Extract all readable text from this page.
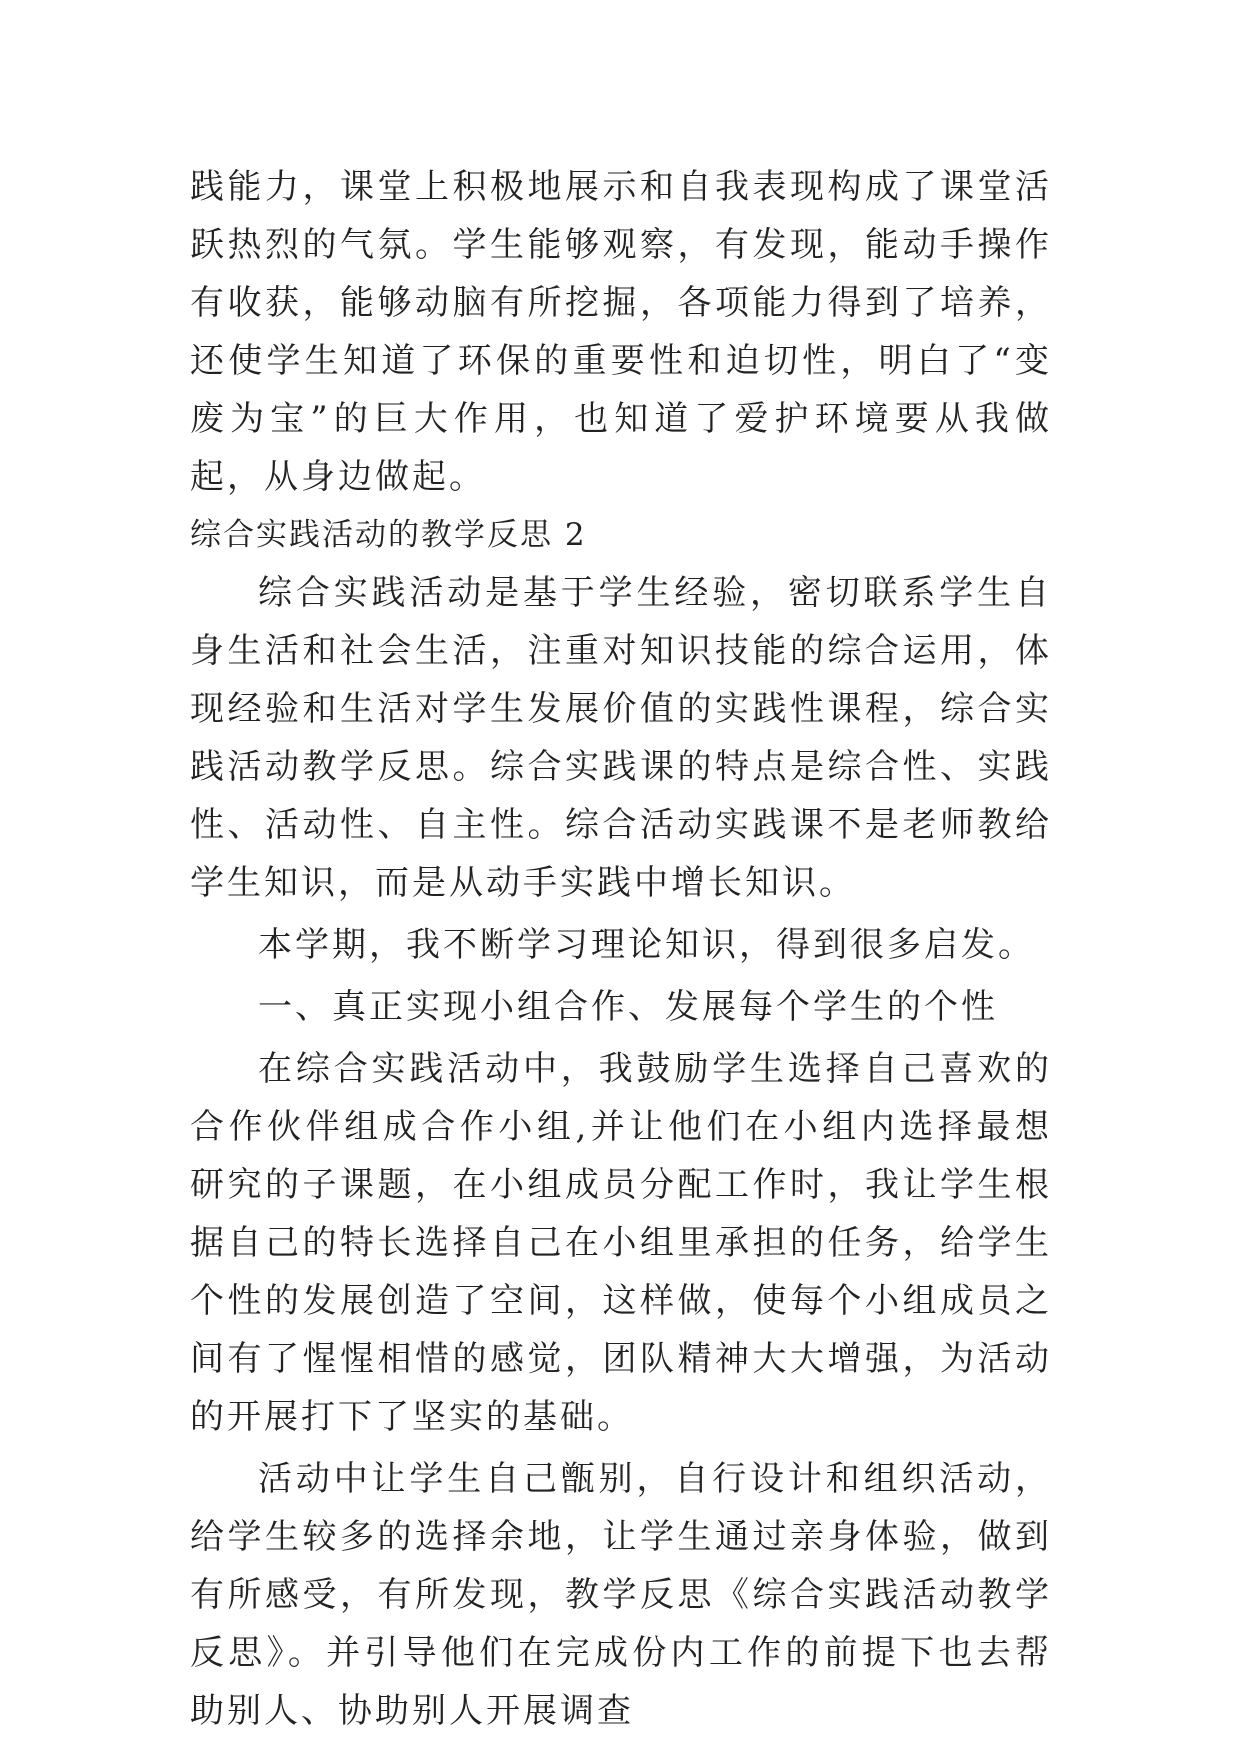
践能力，课堂上积极地展示和自我表现构成了课堂活跃热烈的气氛。学生能够观察，有发现，能动手操作有收获，能够动脑有所挖掘，各项能力得到了培养，还使学生知道了环保的重要性和迫切性，明白了“变废为宝”的巨大作用，也知道了爱护环境要从我做起，从身边做起。

综合实践活动的教学反思 2

综合实践活动是基于学生经验，密切联系学生自身生活和社会生活，注重对知识技能的综合运用，体现经验和生活对学生发展价值的实践性课程，综合实践活动教学反思。综合实践课的特点是综合性、实践性、活动性、自主性。综合活动实践课不是老师教给学生知识，而是从动手实践中增长知识。

本学期，我不断学习理论知识，得到很多启发。

一、真正实现小组合作、发展每个学生的个性

在综合实践活动中，我鼓励学生选择自己喜欢的合作伙伴组成合作小组,并让他们在小组内选择最想研究的子课题，在小组成员分配工作时，我让学生根据自己的特长选择自己在小组里承担的任务，给学生个性的发展创造了空间，这样做，使每个小组成员之间有了惺惺相惜的感觉，团队精神大大增强，为活动的开展打下了坚实的基础。

活动中让学生自己甑别，自行设计和组织活动，给学生较多的选择余地，让学生通过亲身体验，做到有所感受，有所发现，教学反思《综合实践活动教学反思》。并引导他们在完成份内工作的前提下也去帮助别人、协助别人开展调查
